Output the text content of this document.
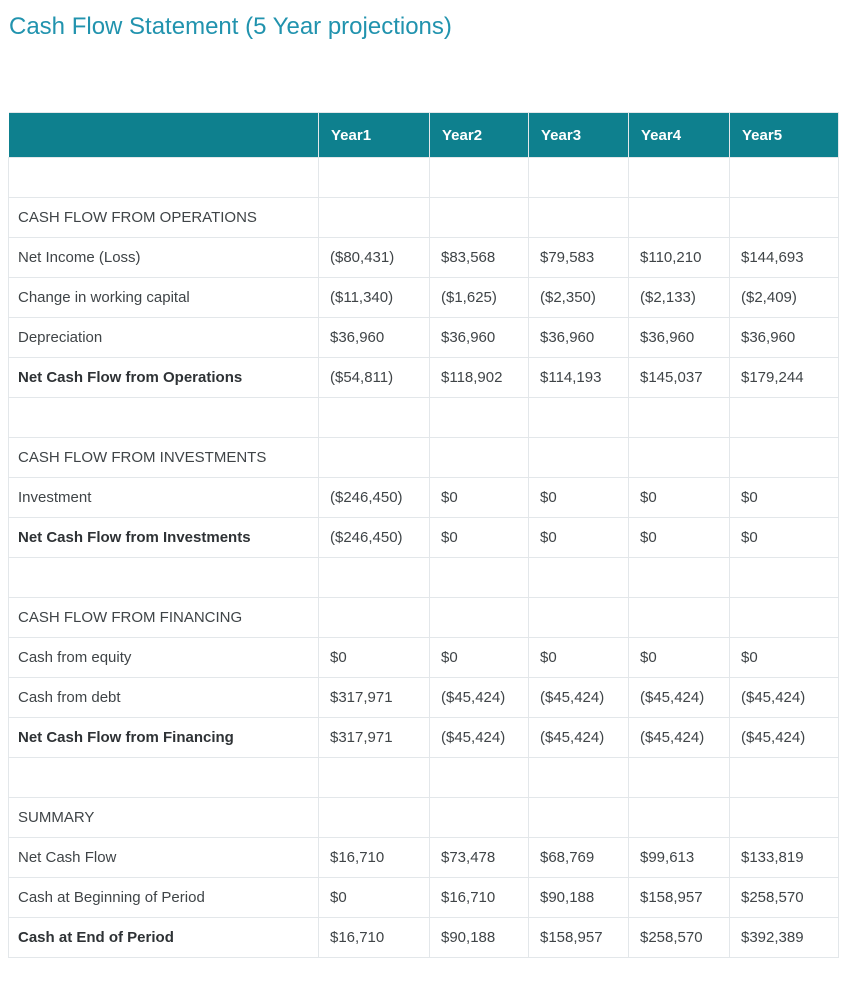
Cash Flow Statement (5 Year projections)
	Year1	Year2	Year3	Year4	Year5

CASH FLOW FROM OPERATIONS					
Net Income (Loss)	($80,431)	$83,568	$79,583	$110,210	$144,693
Change in working capital	($11,340)	($1,625)	($2,350)	($2,133)	($2,409)
Depreciation	$36,960	$36,960	$36,960	$36,960	$36,960
Net Cash Flow from Operations	($54,811)	$118,902	$114,193	$145,037	$179,244

CASH FLOW FROM INVESTMENTS					
Investment	($246,450)	$0	$0	$0	$0
Net Cash Flow from Investments	($246,450)	$0	$0	$0	$0

CASH FLOW FROM FINANCING					
Cash from equity	$0	$0	$0	$0	$0
Cash from debt	$317,971	($45,424)	($45,424)	($45,424)	($45,424)
Net Cash Flow from Financing	$317,971	($45,424)	($45,424)	($45,424)	($45,424)

SUMMARY					
Net Cash Flow	$16,710	$73,478	$68,769	$99,613	$133,819
Cash at Beginning of Period	$0	$16,710	$90,188	$158,957	$258,570
Cash at End of Period	$16,710	$90,188	$158,957	$258,570	$392,389
